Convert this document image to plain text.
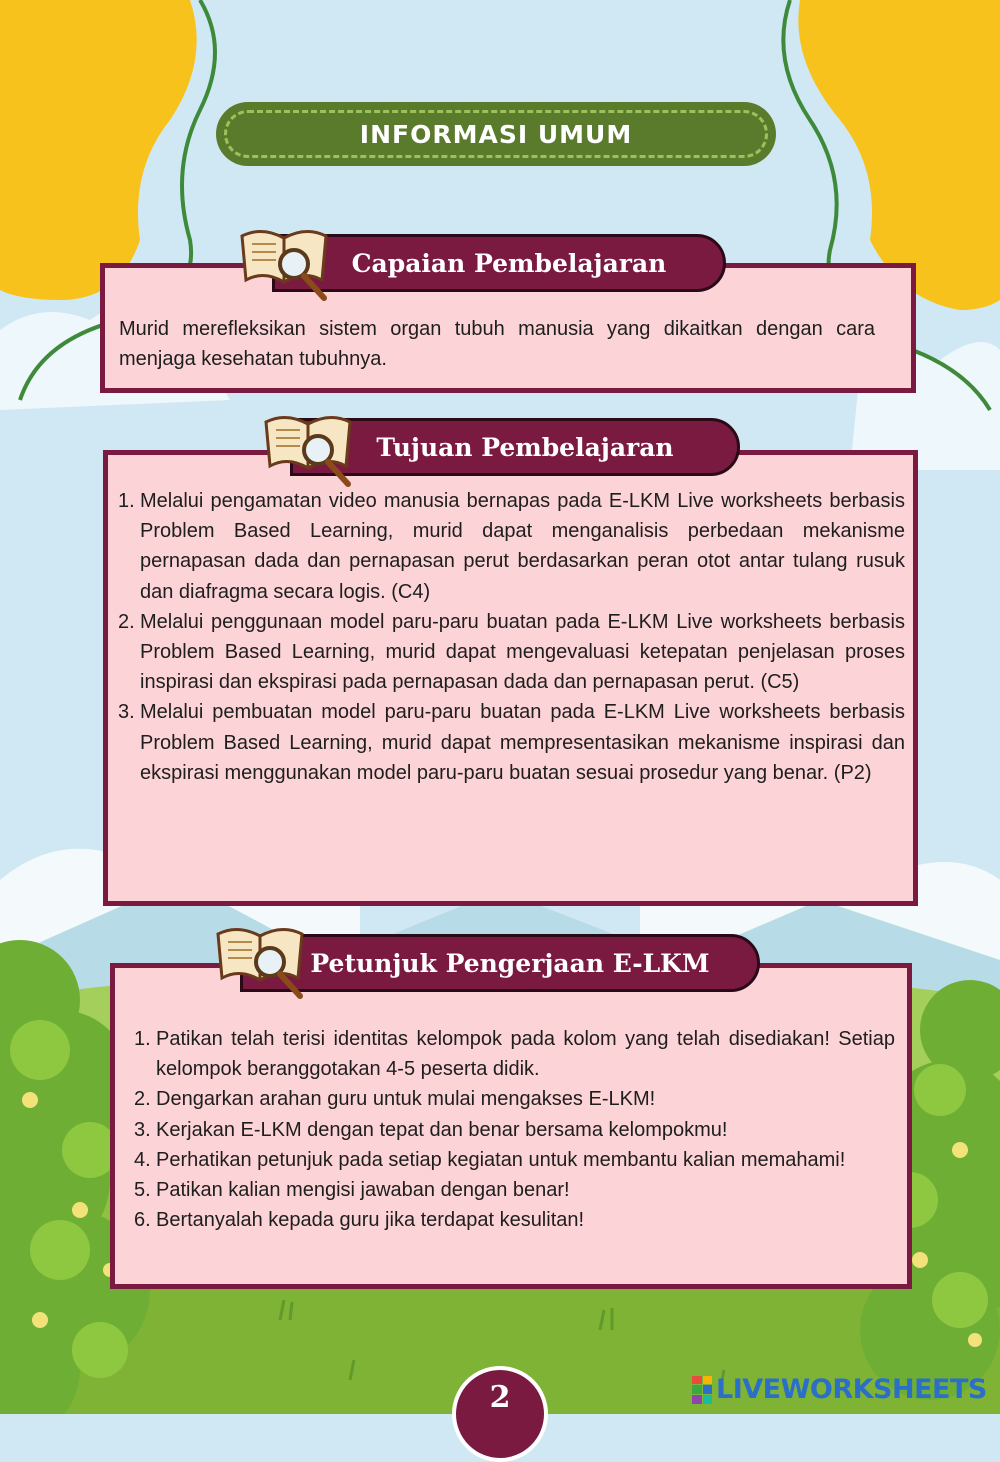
INFORMASI UMUM

Murid merefleksikan sistem organ tubuh manusia yang dikaitkan dengan cara menjaga kesehatan tubuhnya.

Capaian Pembelajaran
1. Melalui pengamatan video manusia bernapas pada E-LKM Live worksheets berbasis Problem Based Learning, murid dapat menganalisis perbedaan mekanisme pernapasan dada dan pernapasan perut berdasarkan peran otot antar tulang rusuk dan diafragma secara logis. (C4)
2. Melalui penggunaan model paru-paru buatan pada E-LKM Live worksheets berbasis Problem Based Learning, murid dapat mengevaluasi ketepatan penjelasan proses inspirasi dan ekspirasi pada pernapasan dada dan pernapasan perut. (C5)
3. Melalui pembuatan model paru-paru buatan pada E-LKM Live worksheets berbasis Problem Based Learning, murid dapat mempresentasikan mekanisme inspirasi dan ekspirasi menggunakan model paru-paru buatan sesuai prosedur yang benar. (P2)
Tujuan Pembelajaran
1. Patikan telah terisi identitas kelompok pada kolom yang telah disediakan! Setiap kelompok beranggotakan 4-5 peserta didik.
2. Dengarkan arahan guru untuk mulai mengakses E-LKM!
3. Kerjakan E-LKM dengan tepat dan benar bersama kelompokmu!
4. Perhatikan petunjuk pada setiap kegiatan untuk membantu kalian memahami!
5. Patikan kalian mengisi jawaban dengan benar!
6. Bertanyalah kepada guru jika terdapat kesulitan!
Petunjuk Pengerjaan E-LKM
2	LIVEWORKSHEETS
